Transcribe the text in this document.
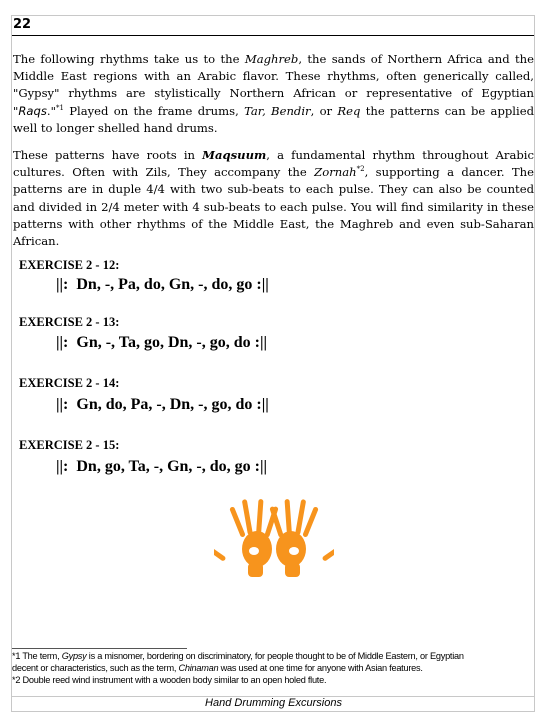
22

The following rhythms take us to the Maghreb, the sands of Northern Africa and the Middle East regions with an Arabic flavor. These rhythms, often generically called, "Gypsy" rhythms are stylistically Northern African or representative of Egyptian "Raqs."$^{*1}$ Played on the frame drums, Tar, Bendir, or Req the patterns can be applied well to longer shelled hand drums.

These patterns have roots in Maqsuum, a fundamental rhythm throughout Arabic cultures. Often with Zils, They accompany the Zornah$^{*2}$, supporting a dancer. The patterns are in duple 4/4 with two sub-beats to each pulse. They can also be counted and divided in 2/4 meter with 4 sub-beats to each pulse. You will find similarity in these patterns with other rhythms of the Middle East, the Maghreb and even sub-Saharan African.

EXERCISE 2 - 12:
||:  Dn, -, Pa, do, Gn, -, do, go :||
EXERCISE 2 - 13:
||:  Gn, -, Ta, go, Dn, -, go, do :||
EXERCISE 2 - 14:
||:  Gn, do, Pa, -, Dn, -, go, do :||
EXERCISE 2 - 15:
||:  Dn, go, Ta, -, Gn, -, do, go :||
*1 The term, Gypsy is a misnomer, bordering on discriminatory, for people thought to be of Middle Eastern, or Egyptian
decent or characteristics, such as the term, Chinaman was used at one time for anyone with Asian features.
*2 Double reed wind instrument with a wooden body similar to an open holed flute.
Hand Drumming Excursions
